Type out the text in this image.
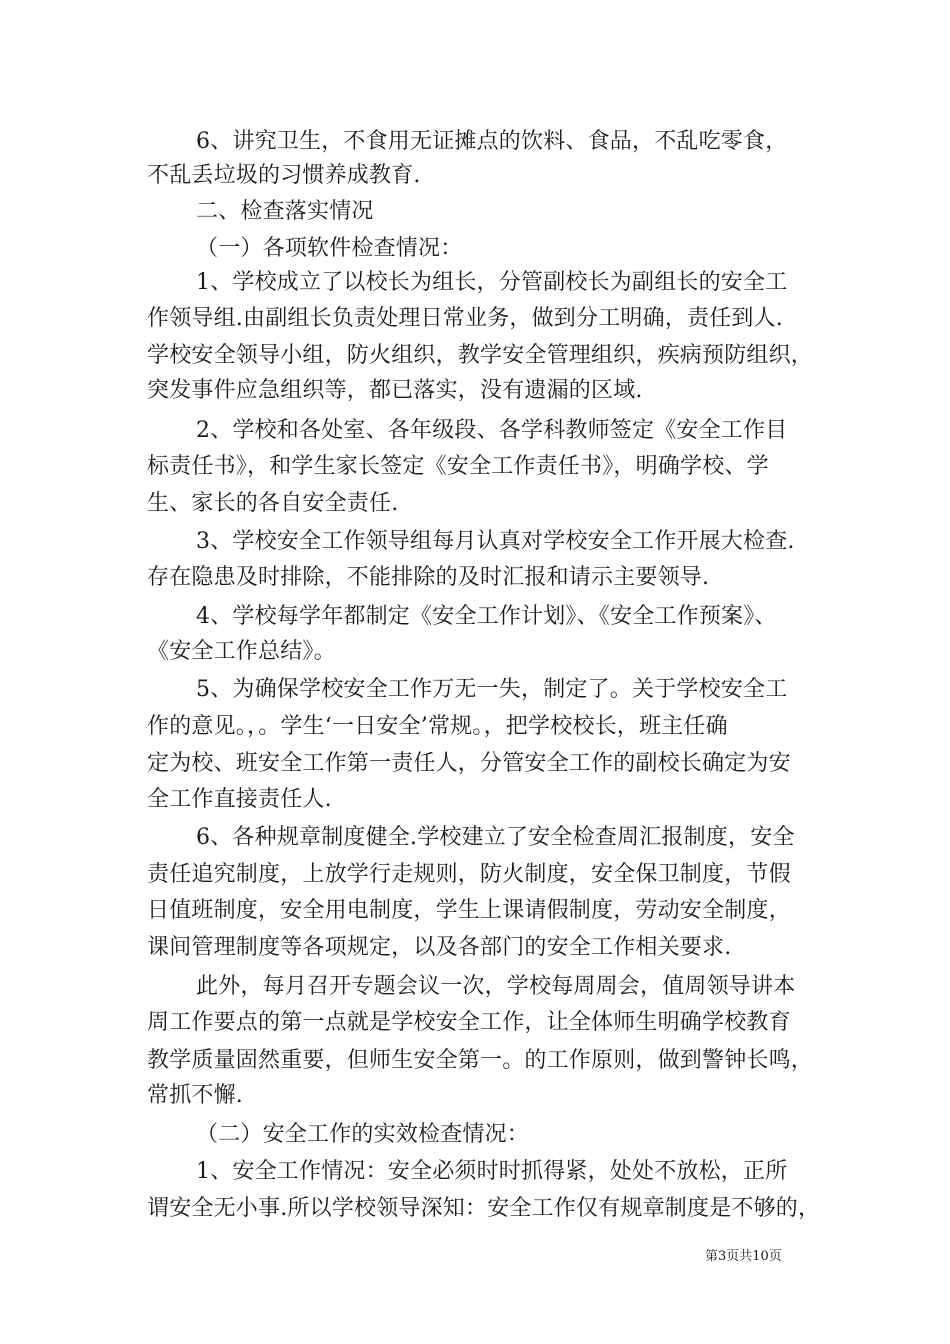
6、讲究卫生，不食用无证摊点的饮料、食品，不乱吃零食，
不乱丢垃圾的习惯养成教育.
二、检查落实情况
（一）各项软件检查情况：
1、学校成立了以校长为组长，分管副校长为副组长的安全工
作领导组.由副组长负责处理日常业务，做到分工明确，责任到人.
学校安全领导小组，防火组织，教学安全管理组织，疾病预防组织，
突发事件应急组织等，都已落实，没有遗漏的区域.
2、学校和各处室、各年级段、各学科教师签定《安全工作目
标责任书》，和学生家长签定《安全工作责任书》，明确学校、学
生、家长的各自安全责任.
3、学校安全工作领导组每月认真对学校安全工作开展大检查.
存在隐患及时排除，不能排除的及时汇报和请示主要领导.
4、学校每学年都制定《安全工作计划》、《安全工作预案》、
《安全工作总结》。
5、为确保学校安全工作万无一失，制定了。关于学校安全工
作的意见。，。学生‘一日安全’常规。，把学校校长，班主任确
定为校、班安全工作第一责任人，分管安全工作的副校长确定为安
全工作直接责任人.
6、各种规章制度健全.学校建立了安全检查周汇报制度，安全
责任追究制度，上放学行走规则，防火制度，安全保卫制度，节假
日值班制度，安全用电制度，学生上课请假制度，劳动安全制度，
课间管理制度等各项规定，以及各部门的安全工作相关要求.
此外，每月召开专题会议一次，学校每周周会，值周领导讲本
周工作要点的第一点就是学校安全工作，让全体师生明确学校教育
教学质量固然重要，但师生安全第一。的工作原则，做到警钟长鸣，
常抓不懈.
（二）安全工作的实效检查情况：
1、安全工作情况：安全必须时时抓得紧，处处不放松，正所
谓安全无小事.所以学校领导深知：安全工作仅有规章制度是不够的，
第3页共10页
